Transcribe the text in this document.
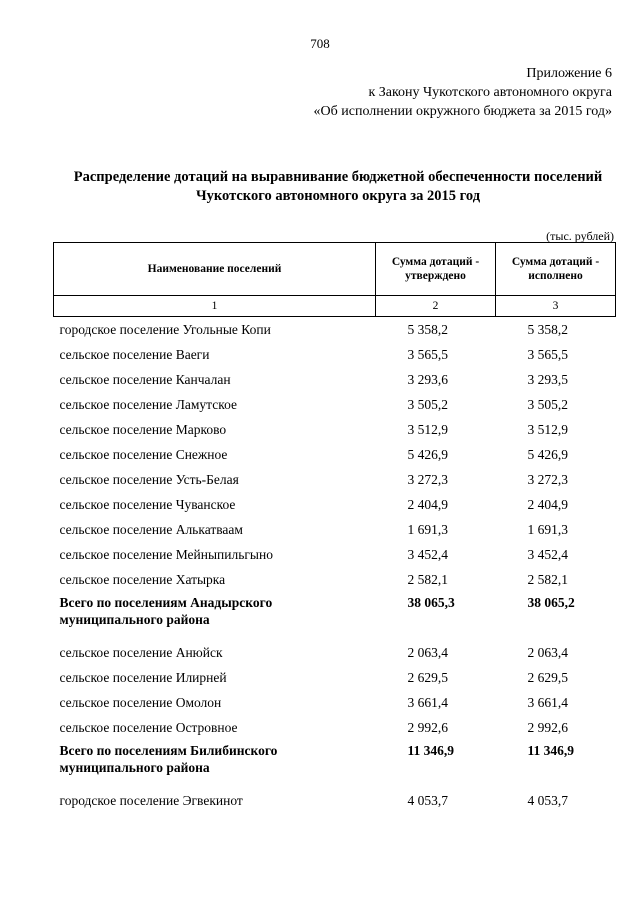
708
Приложение 6
к Закону Чукотского автономного округа
«Об исполнении окружного бюджета за 2015 год»
Распределение дотаций на выравнивание бюджетной обеспеченности поселений
Чукотского автономного округа за 2015 год
(тыс. рублей)
Наименование поселений	Сумма дотаций - утверждено	Сумма дотаций - исполнено
1	2	3
городское поселение Угольные Копи	5 358,2	5 358,2
сельское поселение Ваеги	3 565,5	3 565,5
сельское поселение Канчалан	3 293,6	3 293,5
сельское поселение Ламутское	3 505,2	3 505,2
сельское поселение Марково	3 512,9	3 512,9
сельское поселение Снежное	5 426,9	5 426,9
сельское поселение Усть-Белая	3 272,3	3 272,3
сельское поселение Чуванское	2 404,9	2 404,9
сельское поселение Алькатваам	1 691,3	1 691,3
сельское поселение Мейныпильгыно	3 452,4	3 452,4
сельское поселение Хатырка	2 582,1	2 582,1
Всего по поселениям Анадырского муниципального района	38 065,3	38 065,2

сельское поселение Анюйск	2 063,4	2 063,4
сельское поселение Илирней	2 629,5	2 629,5
сельское поселение Омолон	3 661,4	3 661,4
сельское поселение Островное	2 992,6	2 992,6
Всего по поселениям Билибинского муниципального района	11 346,9	11 346,9

городское поселение Эгвекинот	4 053,7	4 053,7
